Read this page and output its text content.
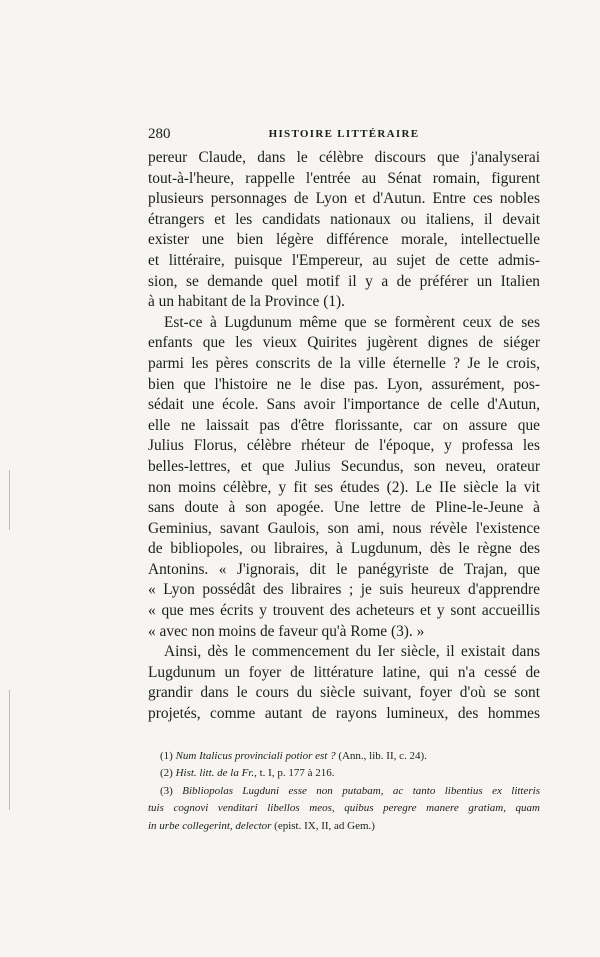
280	HISTOIRE LITTÉRAIRE
pereur Claude, dans le célèbre discours que j'analyserai
tout-à-l'heure, rappelle l'entrée au Sénat romain, figurent
plusieurs personnages de Lyon et d'Autun. Entre ces nobles
étrangers et les candidats nationaux ou italiens, il devait
exister une bien légère différence morale, intellectuelle
et littéraire, puisque l'Empereur, au sujet de cette admis-
sion, se demande quel motif il y a de préférer un Italien
à un habitant de la Province (1).
Est-ce à Lugdunum même que se formèrent ceux de ses
enfants que les vieux Quirites jugèrent dignes de siéger
parmi les pères conscrits de la ville éternelle ? Je le crois,
bien que l'histoire ne le dise pas. Lyon, assurément, pos-
sédait une école. Sans avoir l'importance de celle d'Autun,
elle ne laissait pas d'être florissante, car on assure que
Julius Florus, célèbre rhéteur de l'époque, y professa les
belles-lettres, et que Julius Secundus, son neveu, orateur
non moins célèbre, y fit ses études (2). Le IIe siècle la vit
sans doute à son apogée. Une lettre de Pline-le-Jeune à
Geminius, savant Gaulois, son ami, nous révèle l'existence
de bibliopoles, ou libraires, à Lugdunum, dès le règne des
Antonins. « J'ignorais, dit le panégyriste de Trajan, que
« Lyon possédât des libraires ; je suis heureux d'apprendre
« que mes écrits y trouvent des acheteurs et y sont accueillis
« avec non moins de faveur qu'à Rome (3). »
Ainsi, dès le commencement du Ier siècle, il existait dans
Lugdunum un foyer de littérature latine, qui n'a cessé de
grandir dans le cours du siècle suivant, foyer d'où se sont
projetés, comme autant de rayons lumineux, des hommes
(1) Num Italicus provinciali potior est ? (Ann., lib. II, c. 24).
(2) Hist. litt. de la Fr., t. I, p. 177 à 216.
(3) Bibliopolas Lugduni esse non putabam, ac tanto libentius ex litteris
tuis cognovi venditari libellos meos, quibus peregre manere gratiam, quam
in urbe collegerint, delector (epist. IX, II, ad Gem.)
